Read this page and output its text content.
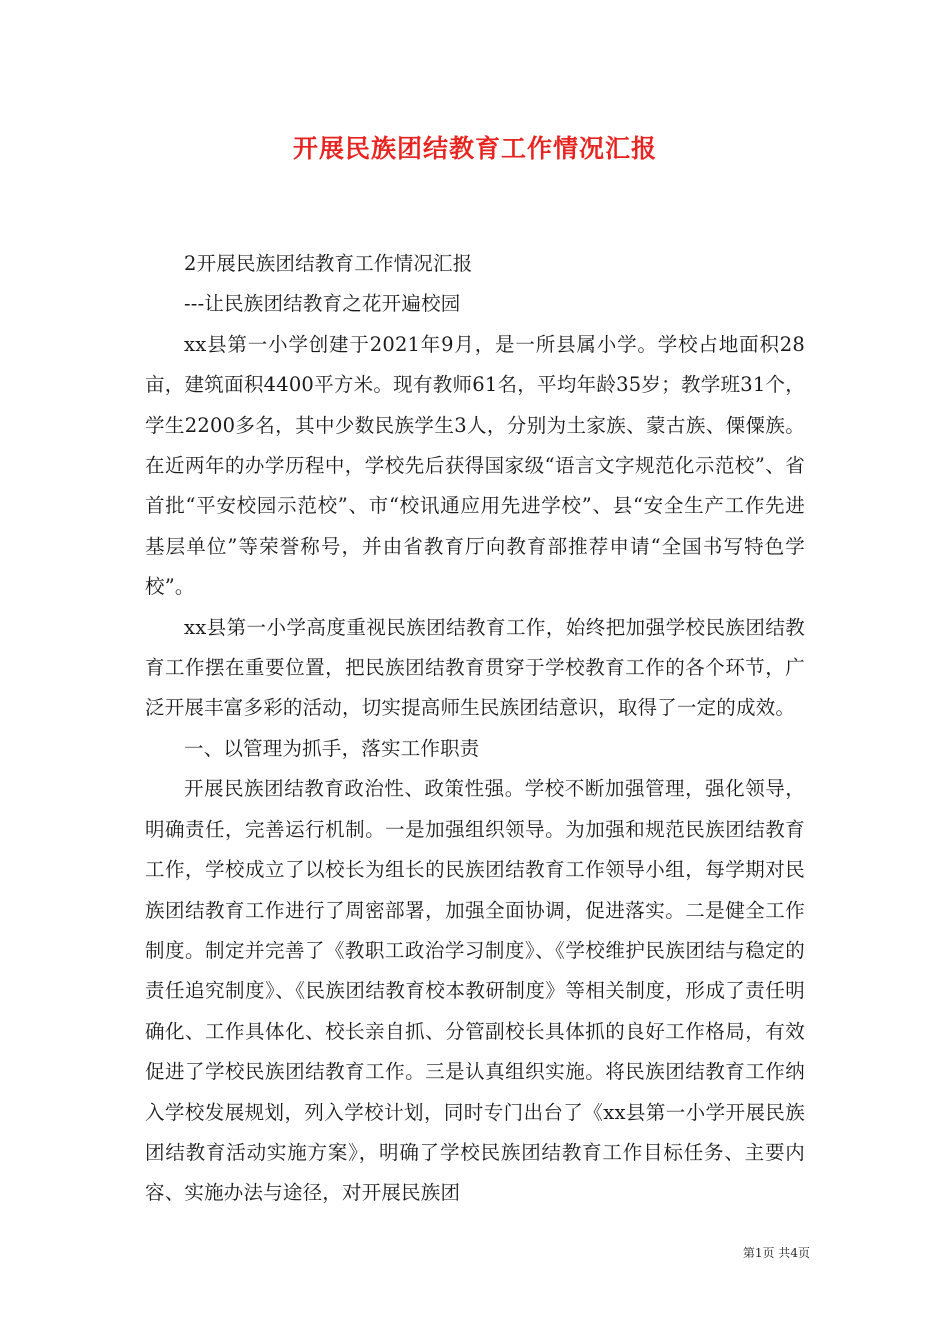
开展民族团结教育工作情况汇报

2开展民族团结教育工作情况汇报

---让民族团结教育之花开遍校园

xx县第一小学创建于2021年9月，是一所县属小学。学校占地面积28亩，建筑面积4400平方米。现有教师61名，平均年龄35岁；教学班31个，学生2200多名，其中少数民族学生3人，分别为土家族、蒙古族、傈僳族。在近两年的办学历程中，学校先后获得国家级“语言文字规范化示范校”、省首批“平安校园示范校”、市“校讯通应用先进学校”、县“安全生产工作先进基层单位”等荣誉称号，并由省教育厅向教育部推荐申请“全国书写特色学校”。

xx县第一小学高度重视民族团结教育工作，始终把加强学校民族团结教育工作摆在重要位置，把民族团结教育贯穿于学校教育工作的各个环节，广泛开展丰富多彩的活动，切实提高师生民族团结意识，取得了一定的成效。

一、以管理为抓手，落实工作职责

开展民族团结教育政治性、政策性强。学校不断加强管理，强化领导，明确责任，完善运行机制。一是加强组织领导。为加强和规范民族团结教育工作，学校成立了以校长为组长的民族团结教育工作领导小组，每学期对民族团结教育工作进行了周密部署，加强全面协调，促进落实。二是健全工作制度。制定并完善了《教职工政治学习制度》、《学校维护民族团结与稳定的责任追究制度》、《民族团结教育校本教研制度》等相关制度，形成了责任明确化、工作具体化、校长亲自抓、分管副校长具体抓的良好工作格局，有效促进了学校民族团结教育工作。三是认真组织实施。将民族团结教育工作纳入学校发展规划，列入学校计划，同时专门出台了《xx县第一小学开展民族团结教育活动实施方案》，明确了学校民族团结教育工作目标任务、主要内容、实施办法与途径，对开展民族团

第1页 共4页
